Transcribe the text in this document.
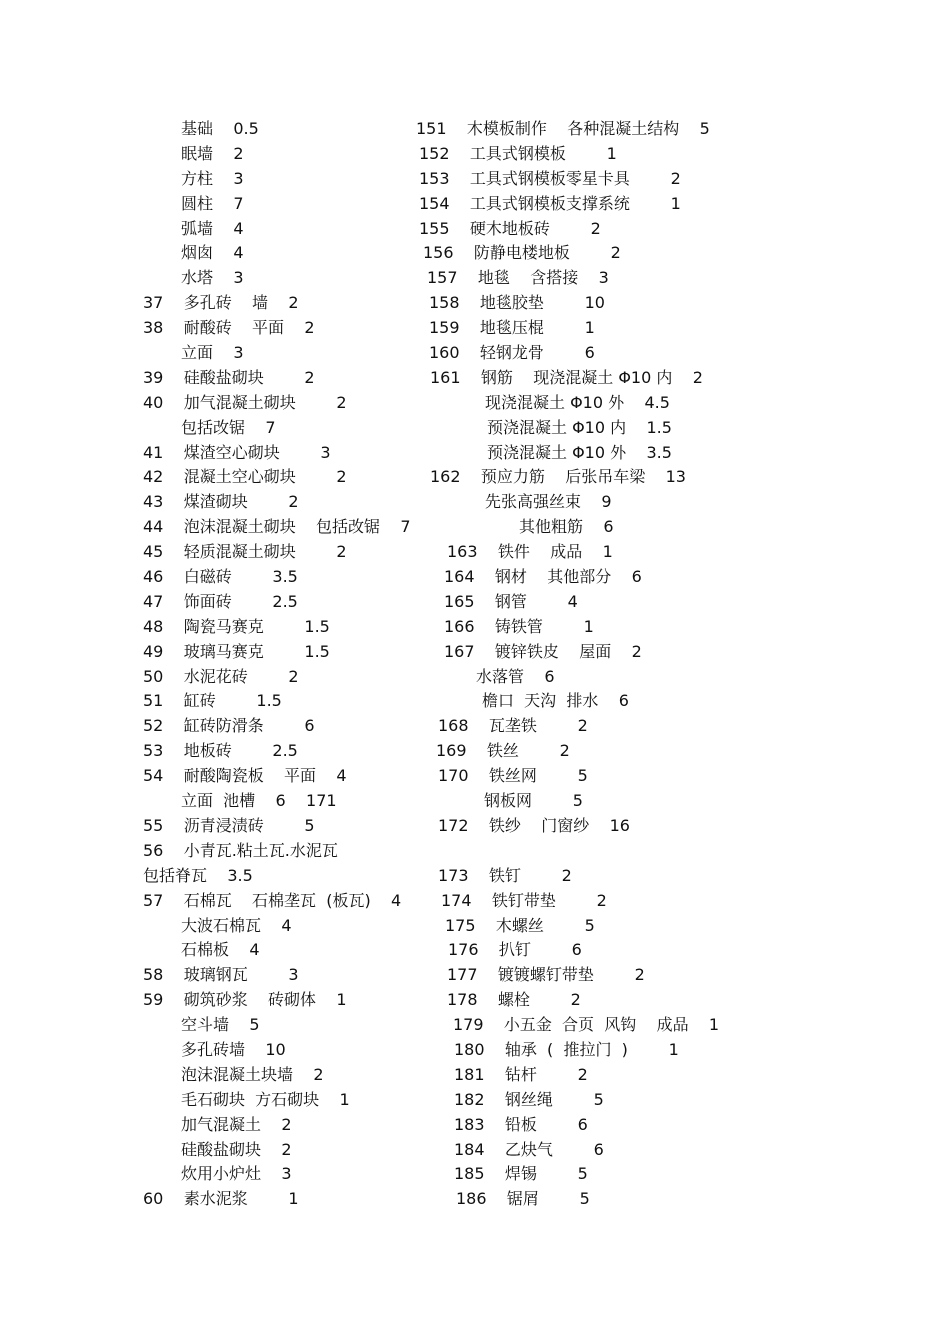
基础    0.5
眠墙    2
方柱    3
圆柱    7
弧墙    4
烟囱    4
水塔    3
37    多孔砖    墙    2
38    耐酸砖    平面    2
立面    3
39    硅酸盐砌块        2
40    加气混凝土砌块        2
包括改锯    7
41    煤渣空心砌块        3
42    混凝土空心砌块        2
43    煤渣砌块        2
44    泡沫混凝土砌块    包括改锯    7
45    轻质混凝土砌块        2
46    白磁砖        3.5
47    饰面砖        2.5
48    陶瓷马赛克        1.5
49    玻璃马赛克        1.5
50    水泥花砖        2
51    缸砖        1.5
52    缸砖防滑条        6
53    地板砖        2.5
54    耐酸陶瓷板    平面    4
立面  池槽    6    171
55    沥青浸渍砖        5
56    小青瓦.粘土瓦.水泥瓦
包括脊瓦    3.5
57    石棉瓦    石棉垄瓦  (板瓦)    4
大波石棉瓦    4
石棉板    4
58    玻璃钢瓦        3
59    砌筑砂浆    砖砌体    1
空斗墙    5
多孔砖墙    10
泡沫混凝土块墙    2
毛石砌块  方石砌块    1
加气混凝土    2
硅酸盐砌块    2
炊用小炉灶    3
60    素水泥浆        1
151    木模板制作    各种混凝土结构    5
152    工具式钢模板        1
153    工具式钢模板零星卡具        2
154    工具式钢模板支撑系统        1
155    硬木地板砖        2
156    防静电楼地板        2
157    地毯    含搭接    3
158    地毯胶垫        10
159    地毯压棍        1
160    轻钢龙骨        6
161    钢筋    现浇混凝土 Φ10 内    2
现浇混凝土 Φ10 外    4.5
预浇混凝土 Φ10 内    1.5
预浇混凝土 Φ10 外    3.5
162    预应力筋    后张吊车梁    13
先张高强丝束    9
其他粗筋    6
163    铁件    成品    1
164    钢材    其他部分    6
165    钢管        4
166    铸铁管        1
167    镀锌铁皮    屋面    2
水落管    6
檐口  天沟  排水    6
168    瓦垄铁        2
169    铁丝        2
170    铁丝网        5
钢板网        5
172    铁纱    门窗纱    16
173    铁钉        2
174    铁钉带垫        2
175    木螺丝        5
176    扒钉        6
177    镀镀螺钉带垫        2
178    螺栓        2
179    小五金  合页  风钩    成品    1
180    轴承  (  推拉门  )        1
181    钻杆        2
182    钢丝绳        5
183    铅板        6
184    乙炔气        6
185    焊锡        5
186    锯屑        5
